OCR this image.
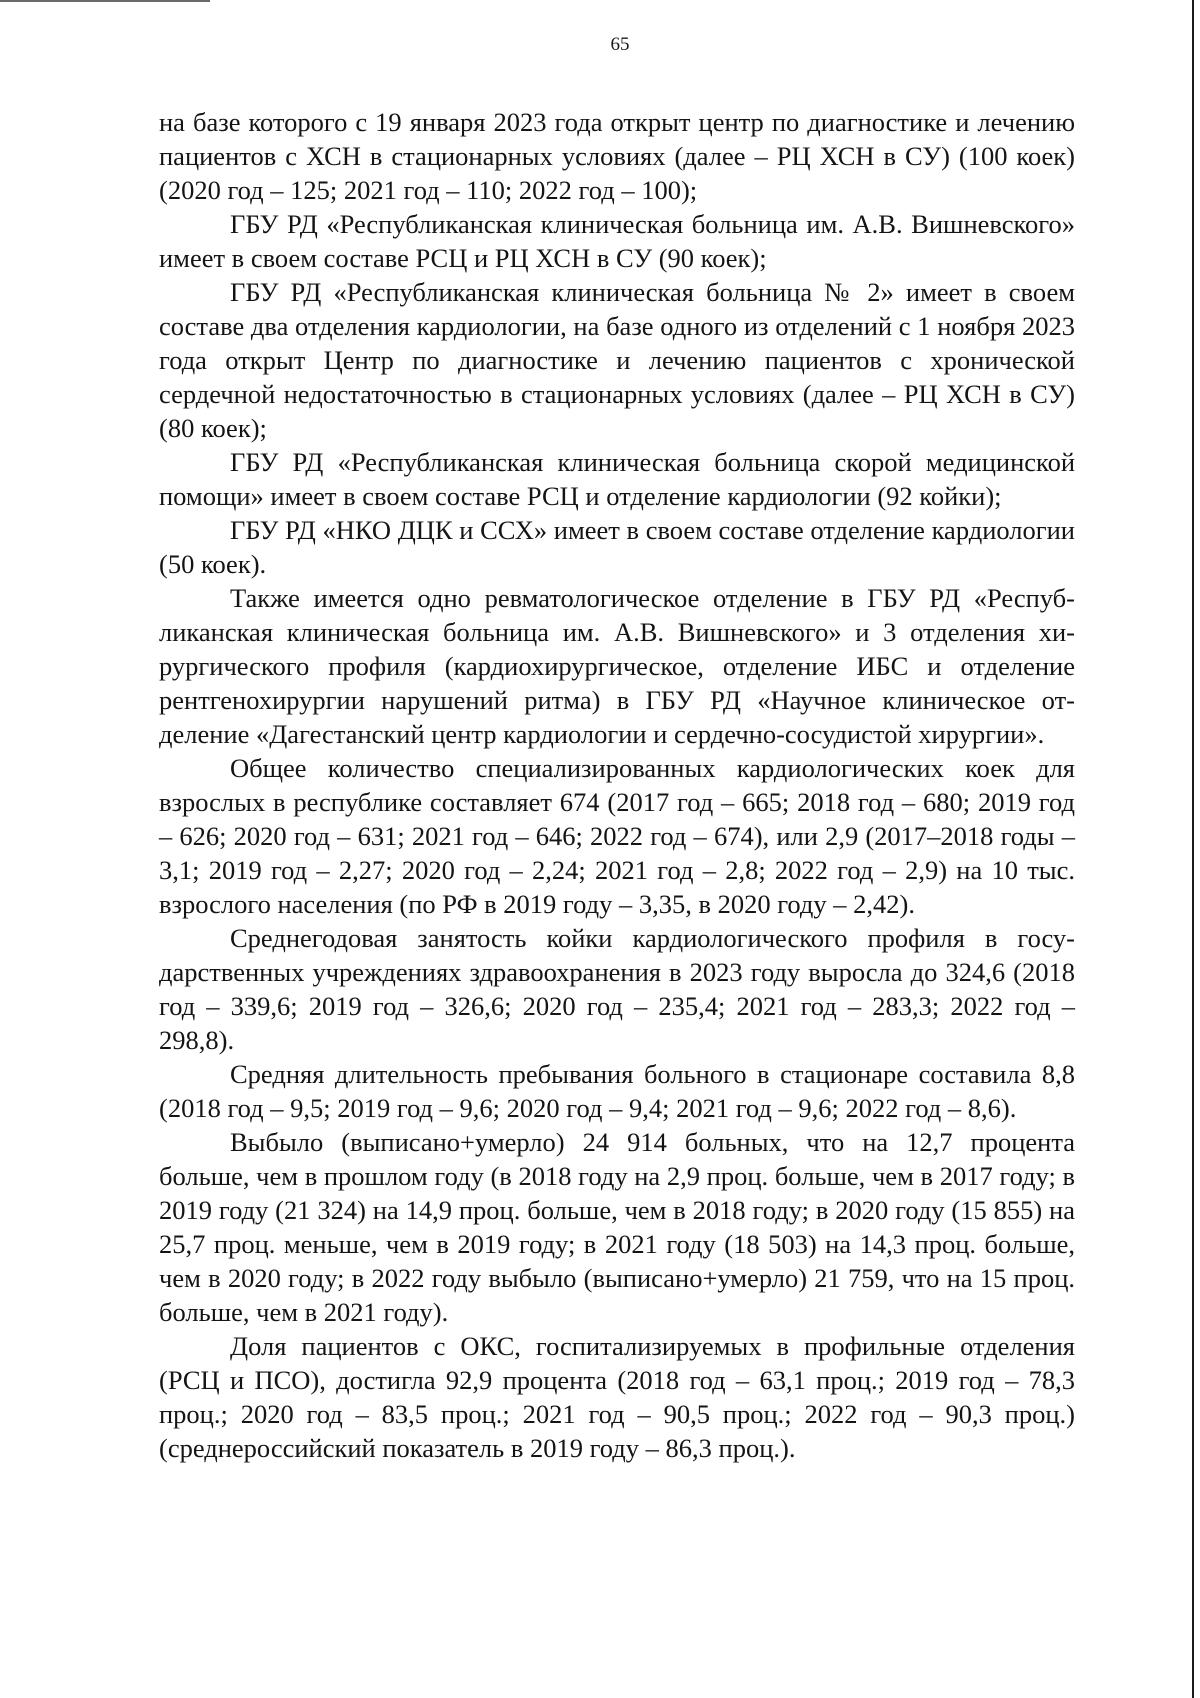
65

на базе которого с 19 января 2023 года открыт центр по диагностике и лечению пациентов с ХСН в стационарных условиях (далее – РЦ ХСН в СУ) (100 коек) (2020 год – 125; 2021 год – 110; 2022 год – 100);

ГБУ РД «Республиканская клиническая больница им. А.В. Вишневского» имеет в своем составе РСЦ и РЦ ХСН в СУ (90 коек);

ГБУ РД «Республиканская клиническая больница № 2» имеет в своем составе два отделения кардиологии, на базе одного из отделений с 1 ноября 2023 года открыт Центр по диагностике и лечению пациентов с хронической сердечной недостаточностью в стационарных условиях (далее – РЦ ХСН в СУ) (80 коек);

ГБУ РД «Республиканская клиническая больница скорой медицинской помощи» имеет в своем составе РСЦ и отделение кардиологии (92 койки);

ГБУ РД «НКО ДЦК и ССХ» имеет в своем составе отделение кардиологии (50 коек).

Также имеется одно ревматологическое отделение в ГБУ РД «Республиканская клиническая больница им. А.В. Вишневского» и 3 отделения хирургического профиля (кардиохирургическое, отделение ИБС и отделение рентгенохирургии нарушений ритма) в ГБУ РД «Научное клиническое отделение «Дагестанский центр кардиологии и сердечно-сосудистой хирургии».

Общее количество специализированных кардиологических коек для взрослых в республике составляет 674 (2017 год – 665; 2018 год – 680; 2019 год – 626; 2020 год – 631; 2021 год – 646; 2022 год – 674), или 2,9 (2017–2018 годы – 3,1; 2019 год – 2,27; 2020 год – 2,24; 2021 год – 2,8; 2022 год – 2,9) на 10 тыс. взрослого населения (по РФ в 2019 году – 3,35, в 2020 году – 2,42).

Среднегодовая занятость койки кардиологического профиля в государственных учреждениях здравоохранения в 2023 году выросла до 324,6 (2018 год – 339,6; 2019 год – 326,6; 2020 год – 235,4; 2021 год – 283,3; 2022 год – 298,8).

Средняя длительность пребывания больного в стационаре составила 8,8 (2018 год – 9,5; 2019 год – 9,6; 2020 год – 9,4; 2021 год – 9,6; 2022 год – 8,6).

Выбыло (выписано+умерло) 24 914 больных, что на 12,7 процента больше, чем в прошлом году (в 2018 году на 2,9 проц. больше, чем в 2017 году; в 2019 году (21 324) на 14,9 проц. больше, чем в 2018 году; в 2020 году (15 855) на 25,7 проц. меньше, чем в 2019 году; в 2021 году (18 503) на 14,3 проц. больше, чем в 2020 году; в 2022 году выбыло (выписано+умерло) 21 759, что на 15 проц. больше, чем в 2021 году).

Доля пациентов с ОКС, госпитализируемых в профильные отделения (РСЦ и ПСО), достигла 92,9 процента (2018 год – 63,1 проц.; 2019 год – 78,3 проц.; 2020 год – 83,5 проц.; 2021 год – 90,5 проц.; 2022 год – 90,3 проц.) (среднероссийский показатель в 2019 году – 86,3 проц.).
